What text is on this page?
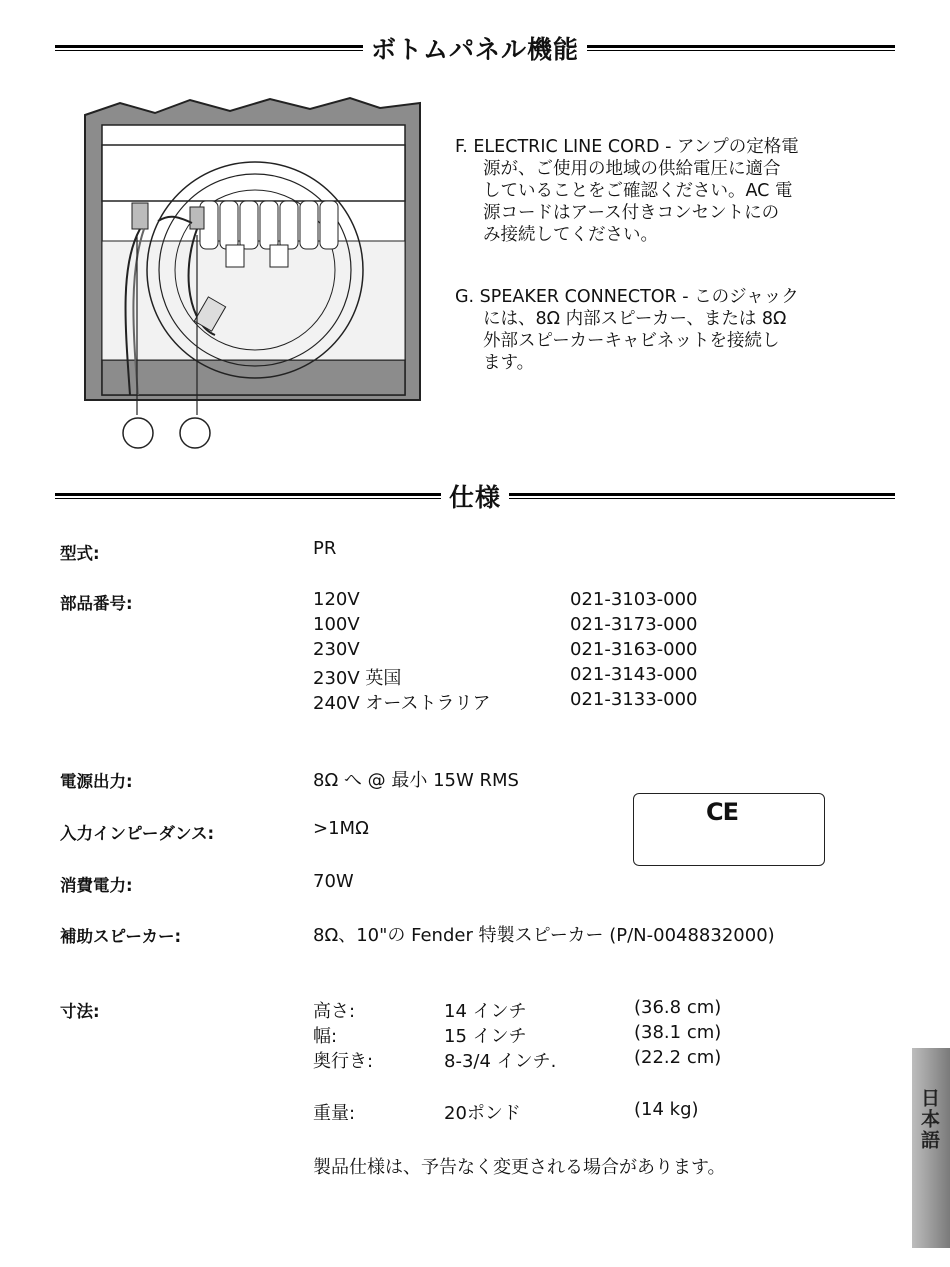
ボトムパネル機能
F. ELECTRIC LINE CORD - アンプの定格電
源が、ご使用の地域の供給電圧に適合
していることをご確認ください。AC 電
源コードはアース付きコンセントにの
み接続してください。
G. SPEAKER CONNECTOR - このジャック
には、8Ω 内部スピーカー、または 8Ω
外部スピーカーキャビネットを接続し
ます。
仕様
型式:	PR
部品番号:	120V	021-3103-000
100V	021-3173-000
230V	021-3163-000
230V 英国	021-3143-000
240V オーストラリア	021-3133-000
電源出力:	8Ω へ @ 最小 15W RMS
CE
入力インピーダンス:	>1MΩ
消費電力:	70W
補助スピーカー:	8Ω、10"の Fender 特製スピーカー (P/N-0048832000)
寸法:	高さ:	14 インチ	(36.8 cm)
幅:	15 インチ	(38.1 cm)
奥行き:	8-3/4 インチ.	(22.2 cm)
重量:	20ポンド	(14 kg)
製品仕様は、予告なく変更される場合があります。
日本語
